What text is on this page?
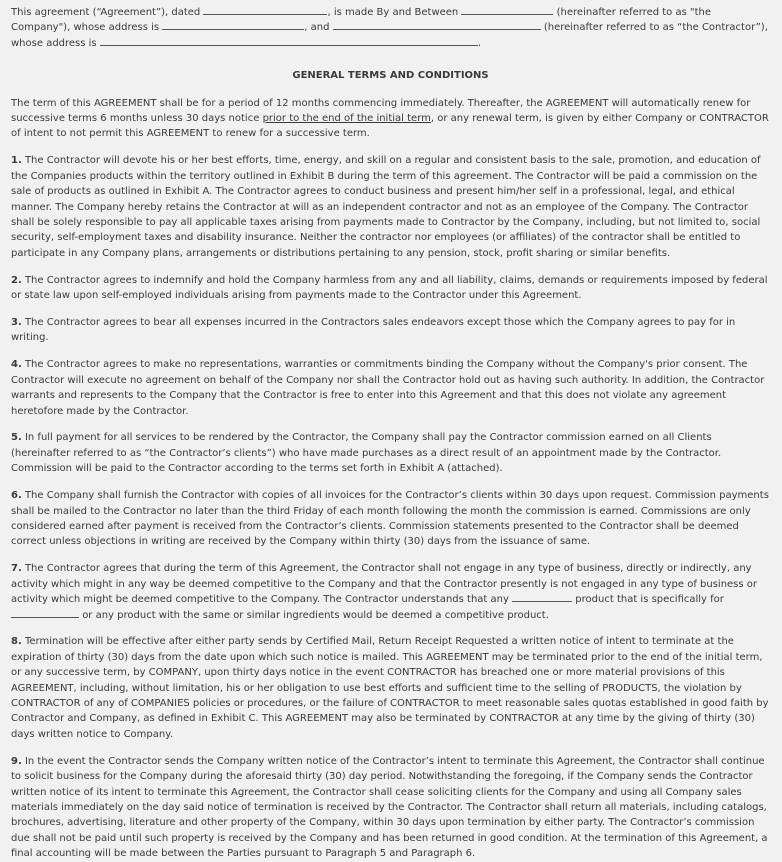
This agreement (“Agreement”), dated	, is made By and Between	(hereinafter referred to as "the Company"), whose address is	, and	(hereinafter referred to as “the Contractor”), whose address is	.

GENERAL TERMS AND CONDITIONS

The term of this AGREEMENT shall be for a period of 12 months commencing immediately. Thereafter, the AGREEMENT will automatically renew for successive terms 6 months unless 30 days notice prior to the end of the initial term, or any renewal term, is given by either Company or CONTRACTOR of intent to not permit this AGREEMENT to renew for a successive term.

1. The Contractor will devote his or her best efforts, time, energy, and skill on a regular and consistent basis to the sale, promotion, and education of the Companies products within the territory outlined in Exhibit B during the term of this agreement. The Contractor will be paid a commission on the sale of products as outlined in Exhibit A. The Contractor agrees to conduct business and present him/her self in a professional, legal, and ethical manner. The Company hereby retains the Contractor at will as an independent contractor and not as an employee of the Company. The Contractor shall be solely responsible to pay all applicable taxes arising from payments made to Contractor by the Company, including, but not limited to, social security, self-employment taxes and disability insurance. Neither the contractor nor employees (or affiliates) of the contractor shall be entitled to participate in any Company plans, arrangements or distributions pertaining to any pension, stock, profit sharing or similar benefits.

2. The Contractor agrees to indemnify and hold the Company harmless from any and all liability, claims, demands or requirements imposed by federal or state law upon self-employed individuals arising from payments made to the Contractor under this Agreement.

3. The Contractor agrees to bear all expenses incurred in the Contractors sales endeavors except those which the Company agrees to pay for in writing.

4. The Contractor agrees to make no representations, warranties or commitments binding the Company without the Company's prior consent. The Contractor will execute no agreement on behalf of the Company nor shall the Contractor hold out as having such authority. In addition, the Contractor warrants and represents to the Company that the Contractor is free to enter into this Agreement and that this does not violate any agreement heretofore made by the Contractor.

5. In full payment for all services to be rendered by the Contractor, the Company shall pay the Contractor commission earned on all Clients (hereinafter referred to as “the Contractor’s clients”) who have made purchases as a direct result of an appointment made by the Contractor. Commission will be paid to the Contractor according to the terms set forth in Exhibit A (attached).

6. The Company shall furnish the Contractor with copies of all invoices for the Contractor’s clients within 30 days upon request. Commission payments shall be mailed to the Contractor no later than the third Friday of each month following the month the commission is earned. Commissions are only considered earned after payment is received from the Contractor’s clients. Commission statements presented to the Contractor shall be deemed correct unless objections in writing are received by the Company within thirty (30) days from the issuance of same.

7. The Contractor agrees that during the term of this Agreement, the Contractor shall not engage in any type of business, directly or indirectly, any activity which might in any way be deemed competitive to the Company and that the Contractor presently is not engaged in any type of business or activity which might be deemed competitive to the Company. The Contractor understands that any	product that is specifically for  or any product with the same or similar ingredients would be deemed a competitive product.

8. Termination will be effective after either party sends by Certified Mail, Return Receipt Requested a written notice of intent to terminate at the expiration of thirty (30) days from the date upon which such notice is mailed. This AGREEMENT may be terminated prior to the end of the initial term, or any successive term, by COMPANY, upon thirty days notice in the event CONTRACTOR has breached one or more material provisions of this AGREEMENT, including, without limitation, his or her obligation to use best efforts and sufficient time to the selling of PRODUCTS, the violation by CONTRACTOR of any of COMPANIES policies or procedures, or the failure of CONTRACTOR to meet reasonable sales quotas established in good faith by Contractor and Company, as defined in Exhibit C. This AGREEMENT may also be terminated by CONTRACTOR at any time by the giving of thirty (30) days written notice to Company.

9. In the event the Contractor sends the Company written notice of the Contractor’s intent to terminate this Agreement, the Contractor shall continue to solicit business for the Company during the aforesaid thirty (30) day period. Notwithstanding the foregoing, if the Company sends the Contractor written notice of its intent to terminate this Agreement, the Contractor shall cease soliciting clients for the Company and using all Company sales materials immediately on the day said notice of termination is received by the Contractor. The Contractor shall return all materials, including catalogs, brochures, advertising, literature and other property of the Company, within 30 days upon termination by either party. The Contractor’s commission due shall not be paid until such property is received by the Company and has been returned in good condition. At the termination of this Agreement, a final accounting will be made between the Parties pursuant to Paragraph 5 and Paragraph 6.
